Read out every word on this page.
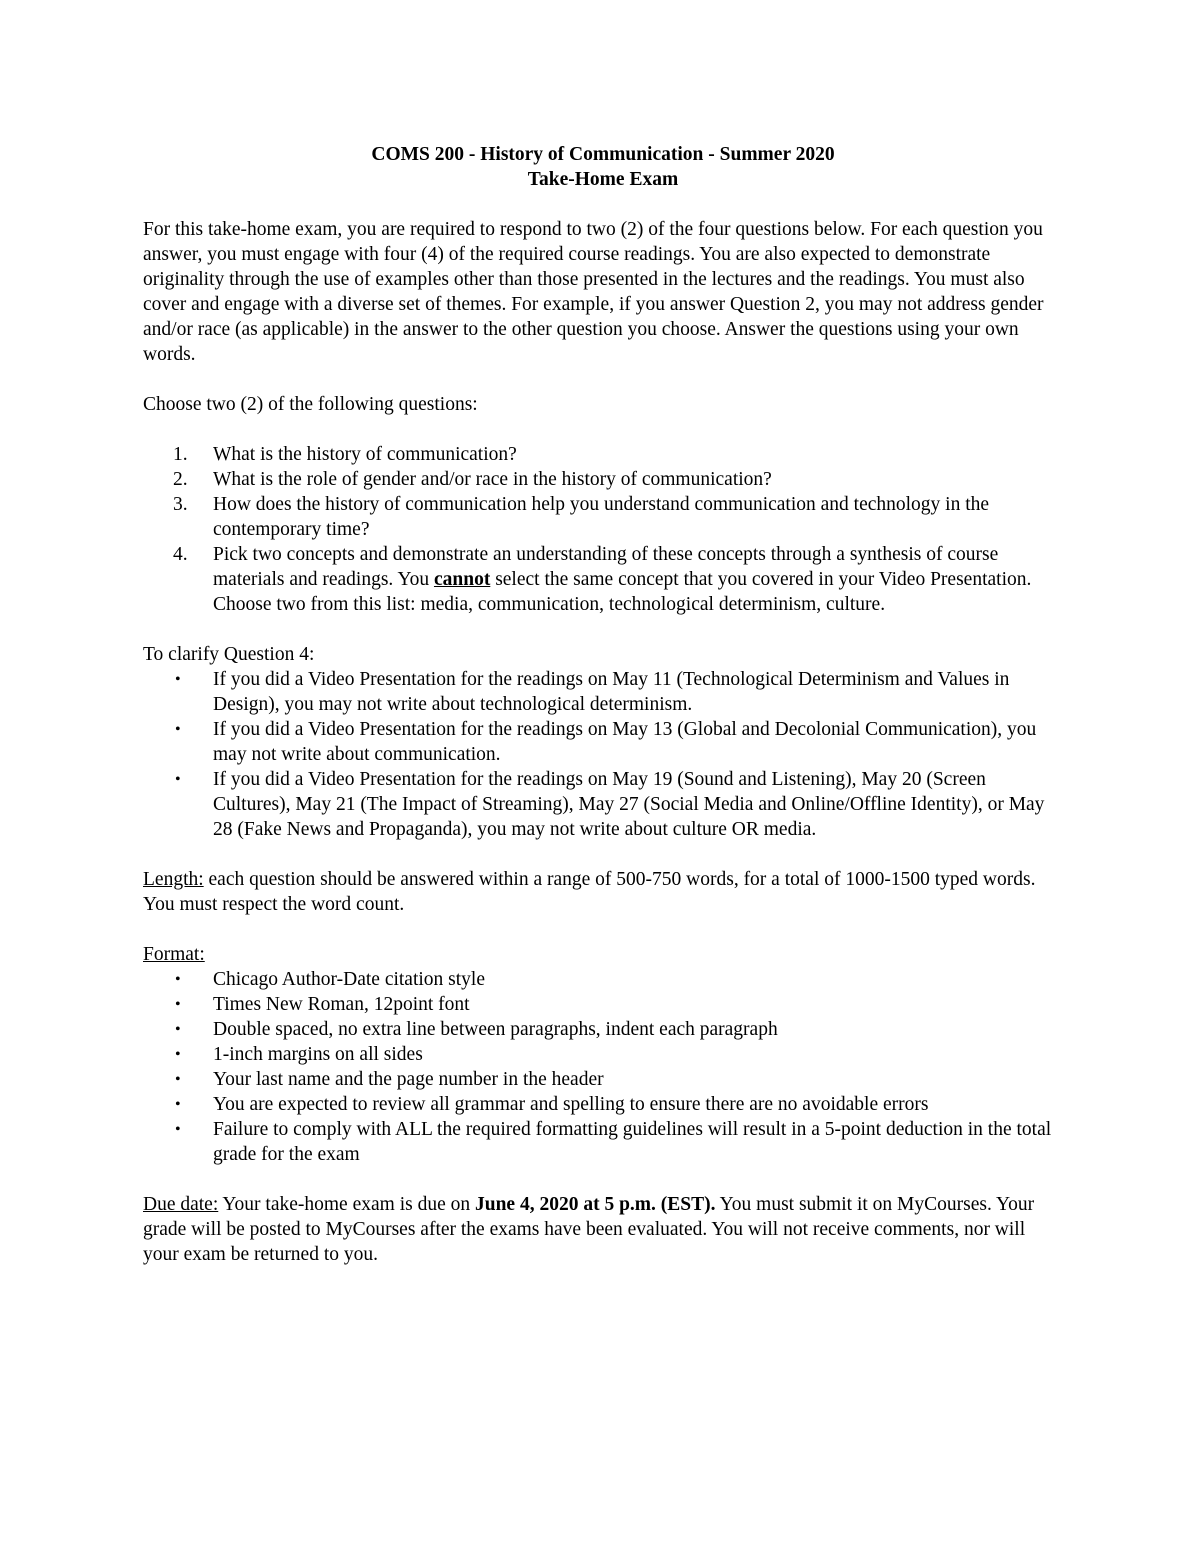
COMS 200 - History of Communication - Summer 2020

Take-Home Exam

For this take-home exam, you are required to respond to two (2) of the four questions below. For each question you answer, you must engage with four (4) of the required course readings. You are also expected to demonstrate originality through the use of examples other than those presented in the lectures and the readings. You must also cover and engage with a diverse set of themes. For example, if you answer Question 2, you may not address gender and/or race (as applicable) in the answer to the other question you choose. Answer the questions using your own words.

Choose two (2) of the following questions:

1.	What is the history of communication?
2.	What is the role of gender and/or race in the history of communication?
3.	How does the history of communication help you understand communication and technology in the contemporary time?
4.	Pick two concepts and demonstrate an understanding of these concepts through a synthesis of course materials and readings. You cannot select the same concept that you covered in your Video Presentation. Choose two from this list: media, communication, technological determinism, culture.

To clarify Question 4:

• If you did a Video Presentation for the readings on May 11 (Technological Determinism and Values in Design), you may not write about technological determinism.
• If you did a Video Presentation for the readings on May 13 (Global and Decolonial Communication), you may not write about communication.
• If you did a Video Presentation for the readings on May 19 (Sound and Listening), May 20 (Screen Cultures), May 21 (The Impact of Streaming), May 27 (Social Media and Online/Offline Identity), or May 28 (Fake News and Propaganda), you may not write about culture OR media.

Length: each question should be answered within a range of 500-750 words, for a total of 1000-1500 typed words. You must respect the word count.

Format:

• Chicago Author-Date citation style
• Times New Roman, 12point font
• Double spaced, no extra line between paragraphs, indent each paragraph
• 1-inch margins on all sides
• Your last name and the page number in the header
• You are expected to review all grammar and spelling to ensure there are no avoidable errors
• Failure to comply with ALL the required formatting guidelines will result in a 5-point deduction in the total grade for the exam

Due date: Your take-home exam is due on June 4, 2020 at 5 p.m. (EST). You must submit it on MyCourses. Your grade will be posted to MyCourses after the exams have been evaluated. You will not receive comments, nor will your exam be returned to you.
